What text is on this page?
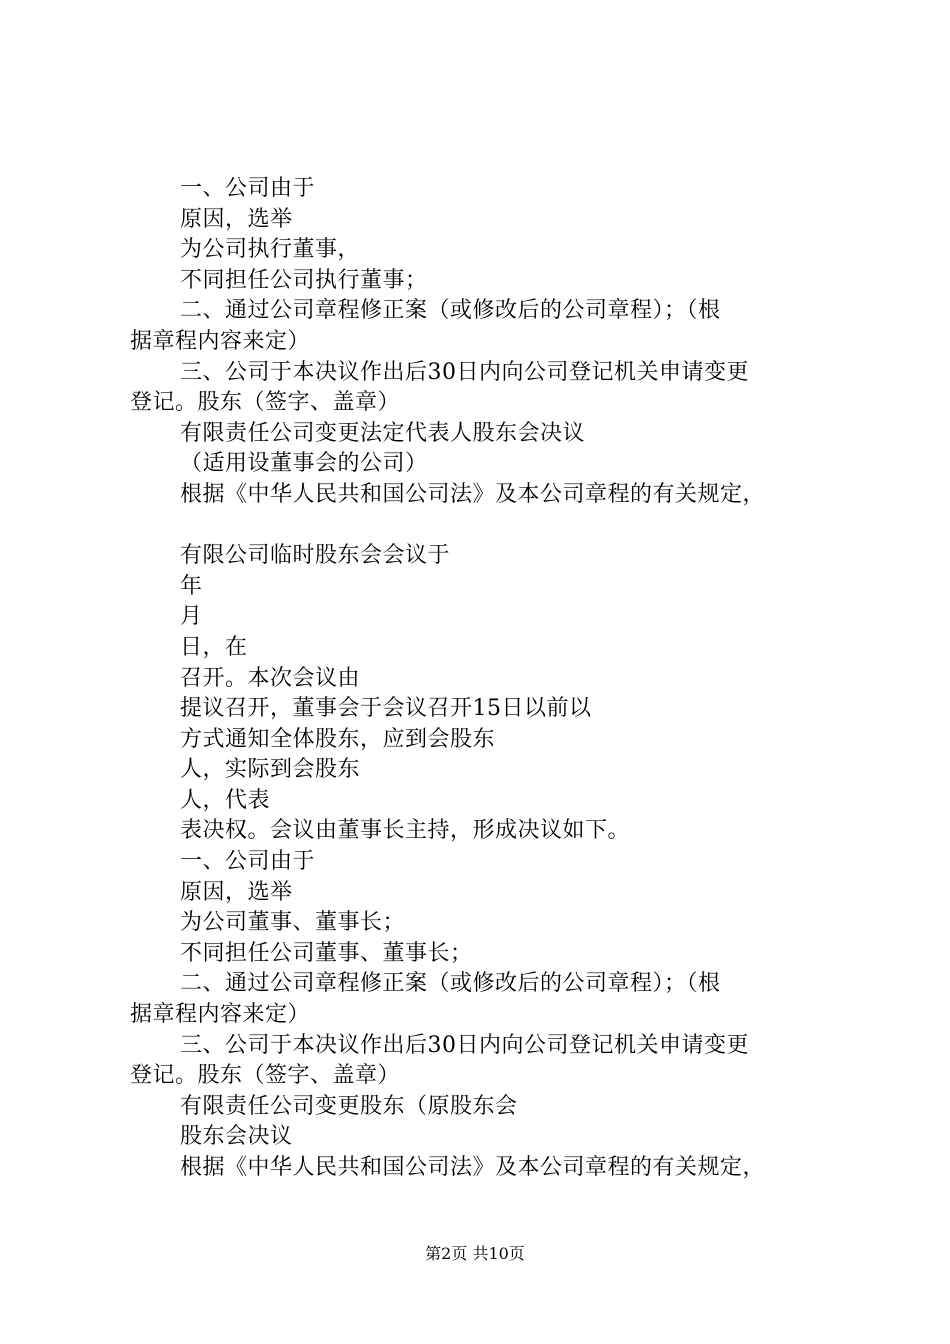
一、公司由于
原因，选举
为公司执行董事，
不同担任公司执行董事；
二、通过公司章程修正案（或修改后的公司章程）；（根
据章程内容来定）
三、公司于本决议作出后30日内向公司登记机关申请变更
登记。股东（签字、盖章）
有限责任公司变更法定代表人股东会决议
（适用设董事会的公司）
根据《中华人民共和国公司法》及本公司章程的有关规定，
有限公司临时股东会会议于
年
月
日，在
召开。本次会议由
提议召开，董事会于会议召开15日以前以
方式通知全体股东，应到会股东
人，实际到会股东
人，代表
表决权。会议由董事长主持，形成决议如下。
一、公司由于
原因，选举
为公司董事、董事长；
不同担任公司董事、董事长；
二、通过公司章程修正案（或修改后的公司章程）；（根
据章程内容来定）
三、公司于本决议作出后30日内向公司登记机关申请变更
登记。股东（签字、盖章）
有限责任公司变更股东（原股东会
股东会决议
根据《中华人民共和国公司法》及本公司章程的有关规定，
第2页 共10页
